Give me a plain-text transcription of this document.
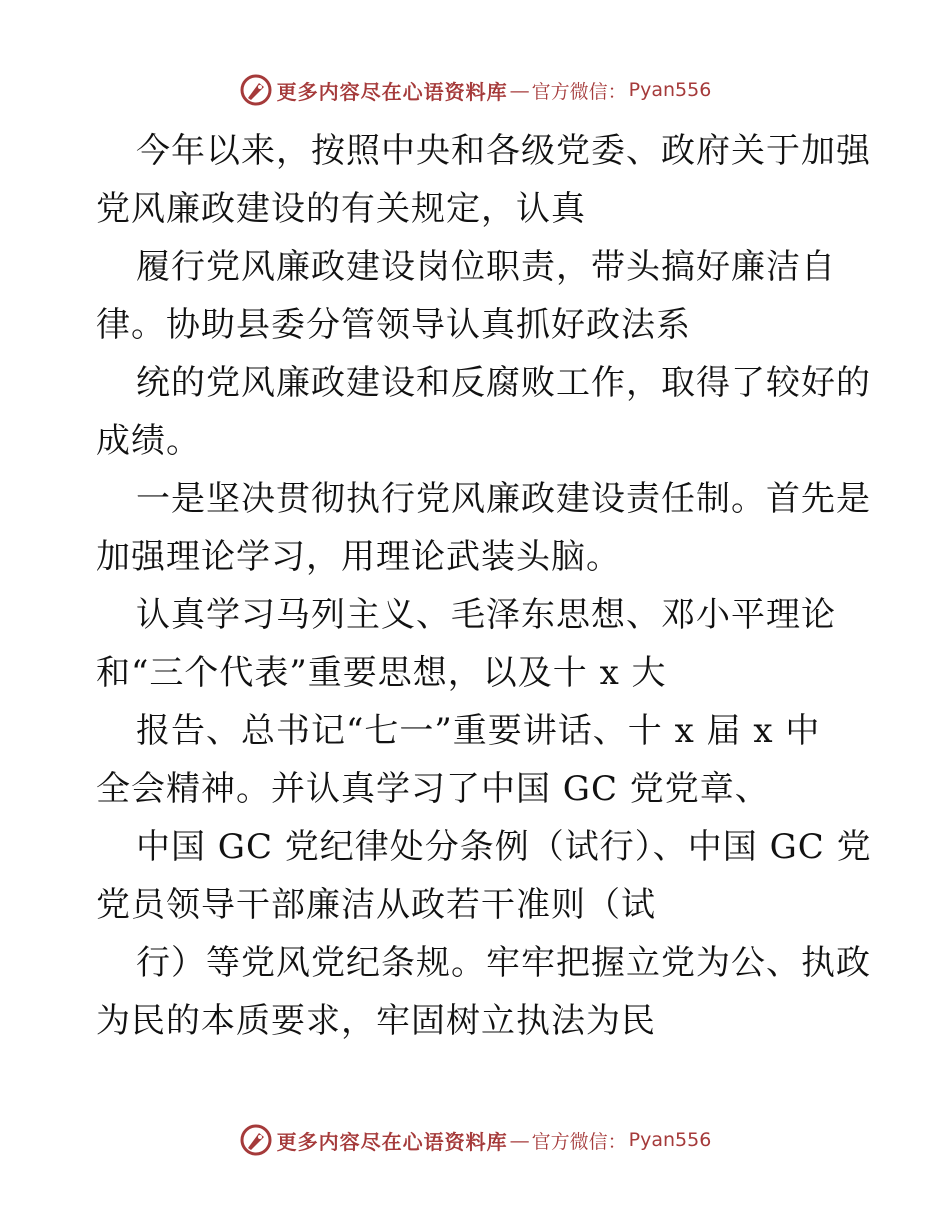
更多内容尽在心语资料库 — 官方微信： Pyan556
今年以来，按照中央和各级党委、政府关于加强
党风廉政建设的有关规定，认真
履行党风廉政建设岗位职责，带头搞好廉洁自
律。协助县委分管领导认真抓好政法系
统的党风廉政建设和反腐败工作，取得了较好的
成绩。
一是坚决贯彻执行党风廉政建设责任制。首先是
加强理论学习，用理论武装头脑。
认真学习马列主义、毛泽东思想、邓小平理论
和“三个代表”重要思想，以及十 x 大
报告、总书记“七一”重要讲话、十 x 届 x 中
全会精神。并认真学习了中国 GC 党党章、
中国 GC 党纪律处分条例（试行）、中国 GC 党
党员领导干部廉洁从政若干准则（试
行）等党风党纪条规。牢牢把握立党为公、执政
为民的本质要求，牢固树立执法为民
更多内容尽在心语资料库 — 官方微信： Pyan556
